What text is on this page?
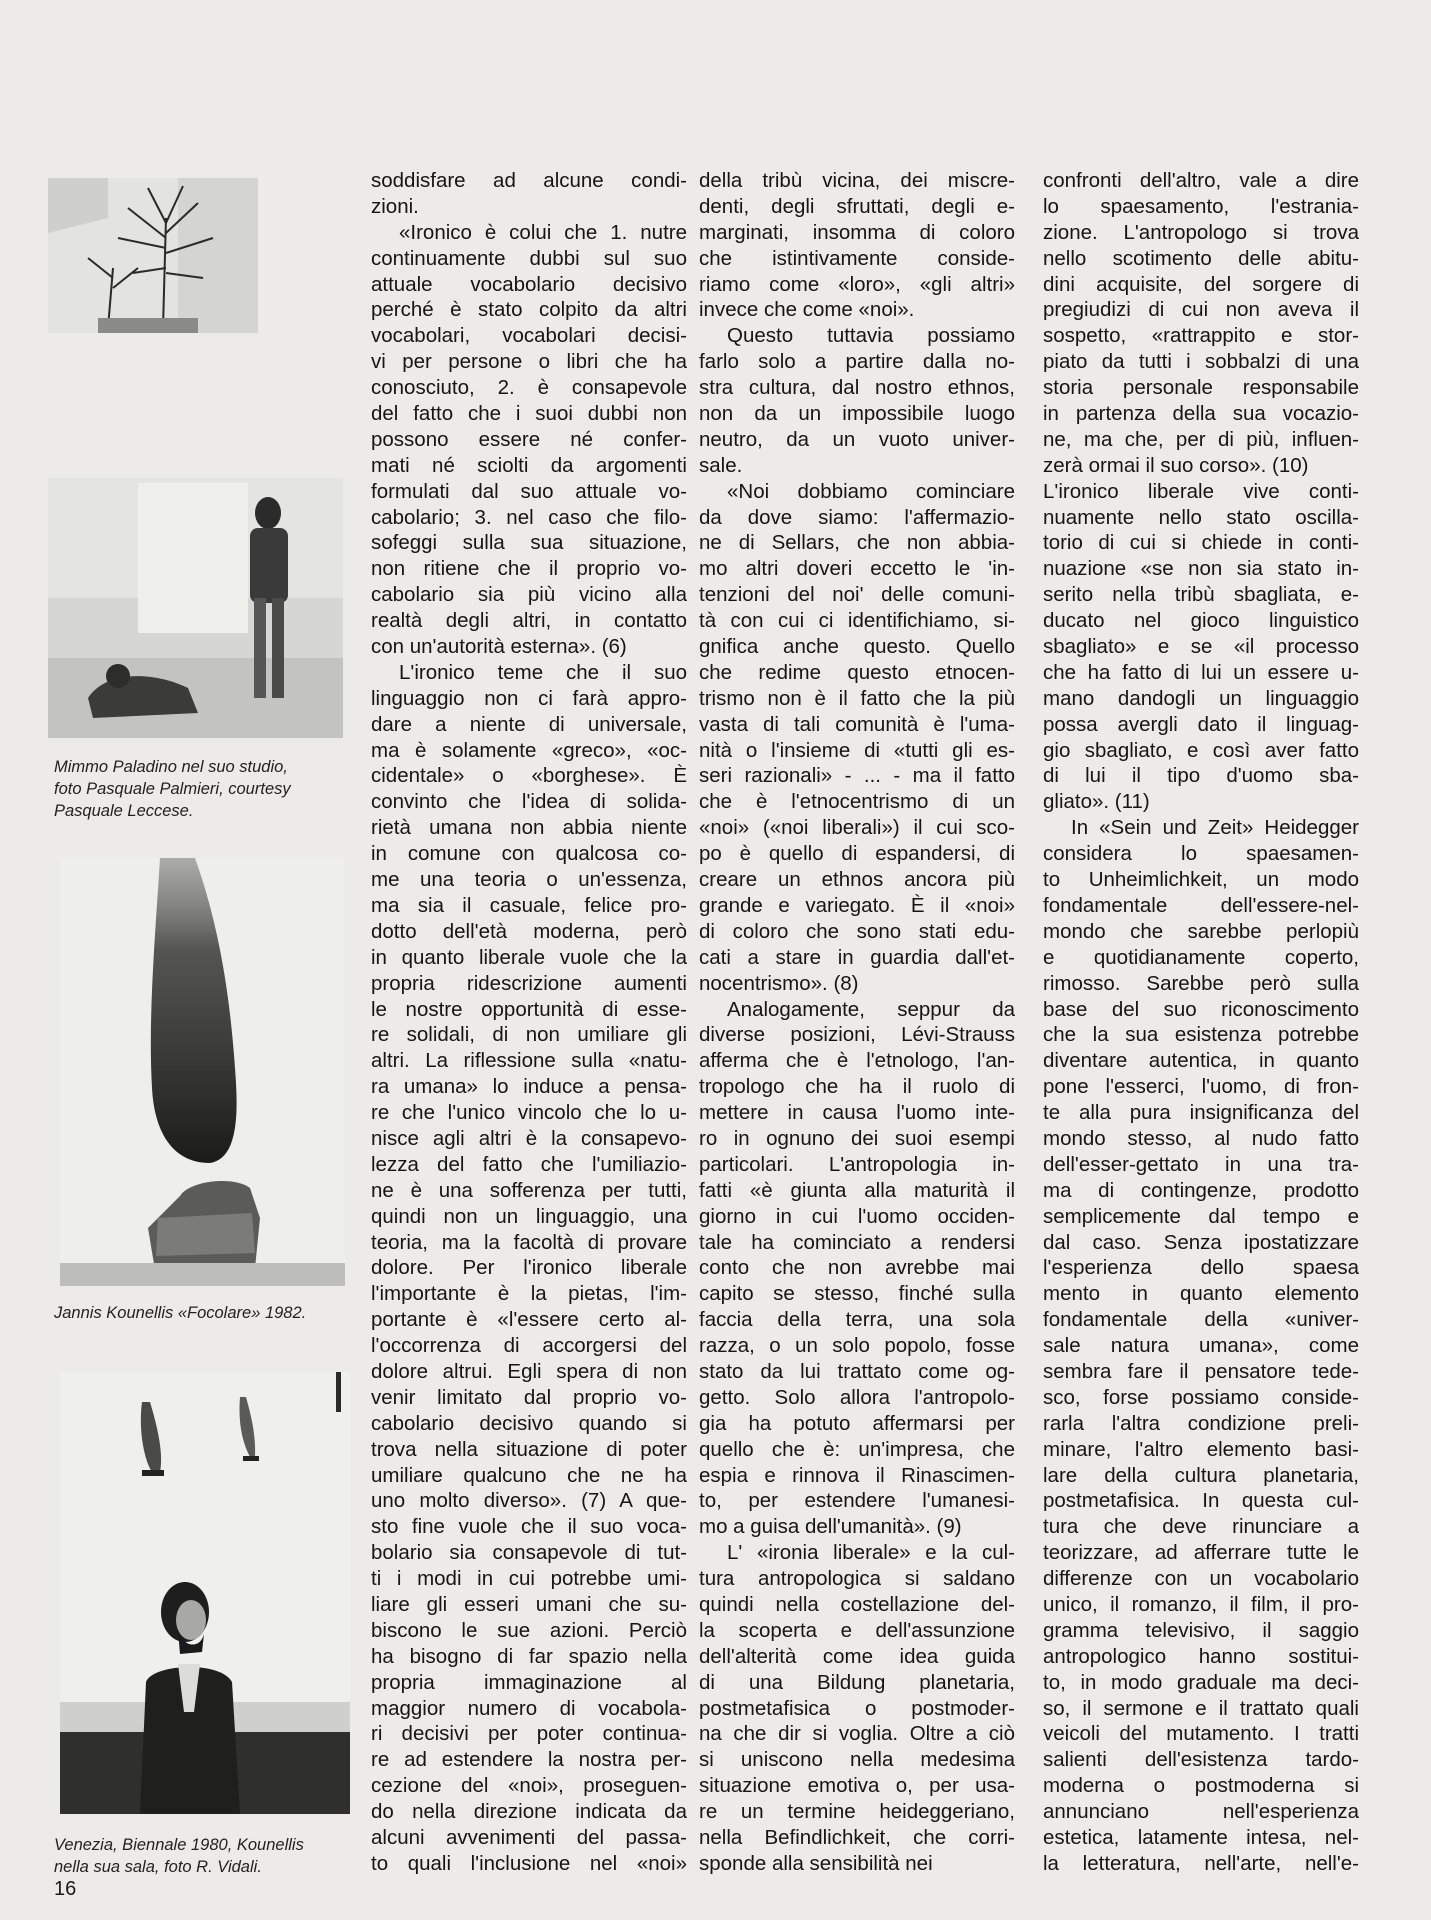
Mimmo Paladino nel suo studio,
foto Pasquale Palmieri, courtesy
Pasquale Leccese.
Jannis Kounellis «Focolare» 1982.
Venezia, Biennale 1980, Kounellis
nella sua sala, foto R. Vidali.
soddisfare ad alcune condi-
zioni.
«Ironico è colui che 1. nutre
continuamente dubbi sul suo
attuale vocabolario decisivo
perché è stato colpito da altri
vocabolari, vocabolari decisi-
vi per persone o libri che ha
conosciuto, 2. è consapevole
del fatto che i suoi dubbi non
possono essere né confer-
mati né sciolti da argomenti
formulati dal suo attuale vo-
cabolario; 3. nel caso che filo-
sofeggi sulla sua situazione,
non ritiene che il proprio vo-
cabolario sia più vicino alla
realtà degli altri, in contatto
con un'autorità esterna». (6)
L'ironico teme che il suo
linguaggio non ci farà appro-
dare a niente di universale,
ma è solamente «greco», «oc-
cidentale» o «borghese». È
convinto che l'idea di solida-
rietà umana non abbia niente
in comune con qualcosa co-
me una teoria o un'essenza,
ma sia il casuale, felice pro-
dotto dell'età moderna, però
in quanto liberale vuole che la
propria ridescrizione aumenti
le nostre opportunità di esse-
re solidali, di non umiliare gli
altri. La riflessione sulla «natu-
ra umana» lo induce a pensa-
re che l'unico vincolo che lo u-
nisce agli altri è la consapevo-
lezza del fatto che l'umiliazio-
ne è una sofferenza per tutti,
quindi non un linguaggio, una
teoria, ma la facoltà di provare
dolore. Per l'ironico liberale
l'importante è la pietas, l'im-
portante è «l'essere certo al-
l'occorrenza di accorgersi del
dolore altrui. Egli spera di non
venir limitato dal proprio vo-
cabolario decisivo quando si
trova nella situazione di poter
umiliare qualcuno che ne ha
uno molto diverso». (7) A que-
sto fine vuole che il suo voca-
bolario sia consapevole di tut-
ti i modi in cui potrebbe umi-
liare gli esseri umani che su-
biscono le sue azioni. Perciò
ha bisogno di far spazio nella
propria immaginazione al
maggior numero di vocabola-
ri decisivi per poter continua-
re ad estendere la nostra per-
cezione del «noi», proseguen-
do nella direzione indicata da
alcuni avvenimenti del passa-
to quali l'inclusione nel «noi»
della tribù vicina, dei miscre-
denti, degli sfruttati, degli e-
marginati, insomma di coloro
che istintivamente conside-
riamo come «loro», «gli altri»
invece che come «noi».
Questo tuttavia possiamo
farlo solo a partire dalla no-
stra cultura, dal nostro ethnos,
non da un impossibile luogo
neutro, da un vuoto univer-
sale.
«Noi dobbiamo cominciare
da dove siamo: l'affermazio-
ne di Sellars, che non abbia-
mo altri doveri eccetto le 'in-
tenzioni del noi' delle comuni-
tà con cui ci identifichiamo, si-
gnifica anche questo. Quello
che redime questo etnocen-
trismo non è il fatto che la più
vasta di tali comunità è l'uma-
nità o l'insieme di «tutti gli es-
seri razionali» - ... - ma il fatto
che è l'etnocentrismo di un
«noi» («noi liberali») il cui sco-
po è quello di espandersi, di
creare un ethnos ancora più
grande e variegato. È il «noi»
di coloro che sono stati edu-
cati a stare in guardia dall'et-
nocentrismo». (8)
Analogamente, seppur da
diverse posizioni, Lévi-Strauss
afferma che è l'etnologo, l'an-
tropologo che ha il ruolo di
mettere in causa l'uomo inte-
ro in ognuno dei suoi esempi
particolari. L'antropologia in-
fatti «è giunta alla maturità il
giorno in cui l'uomo occiden-
tale ha cominciato a rendersi
conto che non avrebbe mai
capito se stesso, finché sulla
faccia della terra, una sola
razza, o un solo popolo, fosse
stato da lui trattato come og-
getto. Solo allora l'antropolo-
gia ha potuto affermarsi per
quello che è: un'impresa, che
espia e rinnova il Rinascimen-
to, per estendere l'umanesi-
mo a guisa dell'umanità». (9)
L' «ironia liberale» e la cul-
tura antropologica si saldano
quindi nella costellazione del-
la scoperta e dell'assunzione
dell'alterità come idea guida
di una Bildung planetaria,
postmetafisica o postmoder-
na che dir si voglia. Oltre a ciò
si uniscono nella medesima
situazione emotiva o, per usa-
re un termine heideggeriano,
nella Befindlichkeit, che corri-
sponde alla sensibilità nei
confronti dell'altro, vale a dire
lo spaesamento, l'estrania-
zione. L'antropologo si trova
nello scotimento delle abitu-
dini acquisite, del sorgere di
pregiudizi di cui non aveva il
sospetto, «rattrappito e stor-
piato da tutti i sobbalzi di una
storia personale responsabile
in partenza della sua vocazio-
ne, ma che, per di più, influen-
zerà ormai il suo corso». (10)
L'ironico liberale vive conti-
nuamente nello stato oscilla-
torio di cui si chiede in conti-
nuazione «se non sia stato in-
serito nella tribù sbagliata, e-
ducato nel gioco linguistico
sbagliato» e se «il processo
che ha fatto di lui un essere u-
mano dandogli un linguaggio
possa avergli dato il linguag-
gio sbagliato, e così aver fatto
di lui il tipo d'uomo sba-
gliato». (11)
In «Sein und Zeit» Heidegger
considera lo spaesamen-
to Unheimlichkeit, un modo
fondamentale dell'essere-nel-
mondo che sarebbe perlopiù
e quotidianamente coperto,
rimosso. Sarebbe però sulla
base del suo riconoscimento
che la sua esistenza potrebbe
diventare autentica, in quanto
pone l'esserci, l'uomo, di fron-
te alla pura insignificanza del
mondo stesso, al nudo fatto
dell'esser-gettato in una tra-
ma di contingenze, prodotto
semplicemente dal tempo e
dal caso. Senza ipostatizzare
l'esperienza dello spaesa
mento in quanto elemento
fondamentale della «univer-
sale natura umana», come
sembra fare il pensatore tede-
sco, forse possiamo conside-
rarla l'altra condizione preli-
minare, l'altro elemento basi-
lare della cultura planetaria,
postmetafisica. In questa cul-
tura che deve rinunciare a
teorizzare, ad afferrare tutte le
differenze con un vocabolario
unico, il romanzo, il film, il pro-
gramma televisivo, il saggio
antropologico hanno sostitui-
to, in modo graduale ma deci-
so, il sermone e il trattato quali
veicoli del mutamento. I tratti
salienti dell'esistenza tardo-
moderna o postmoderna si
annunciano nell'esperienza
estetica, latamente intesa, nel-
la letteratura, nell'arte, nell'e-
16
